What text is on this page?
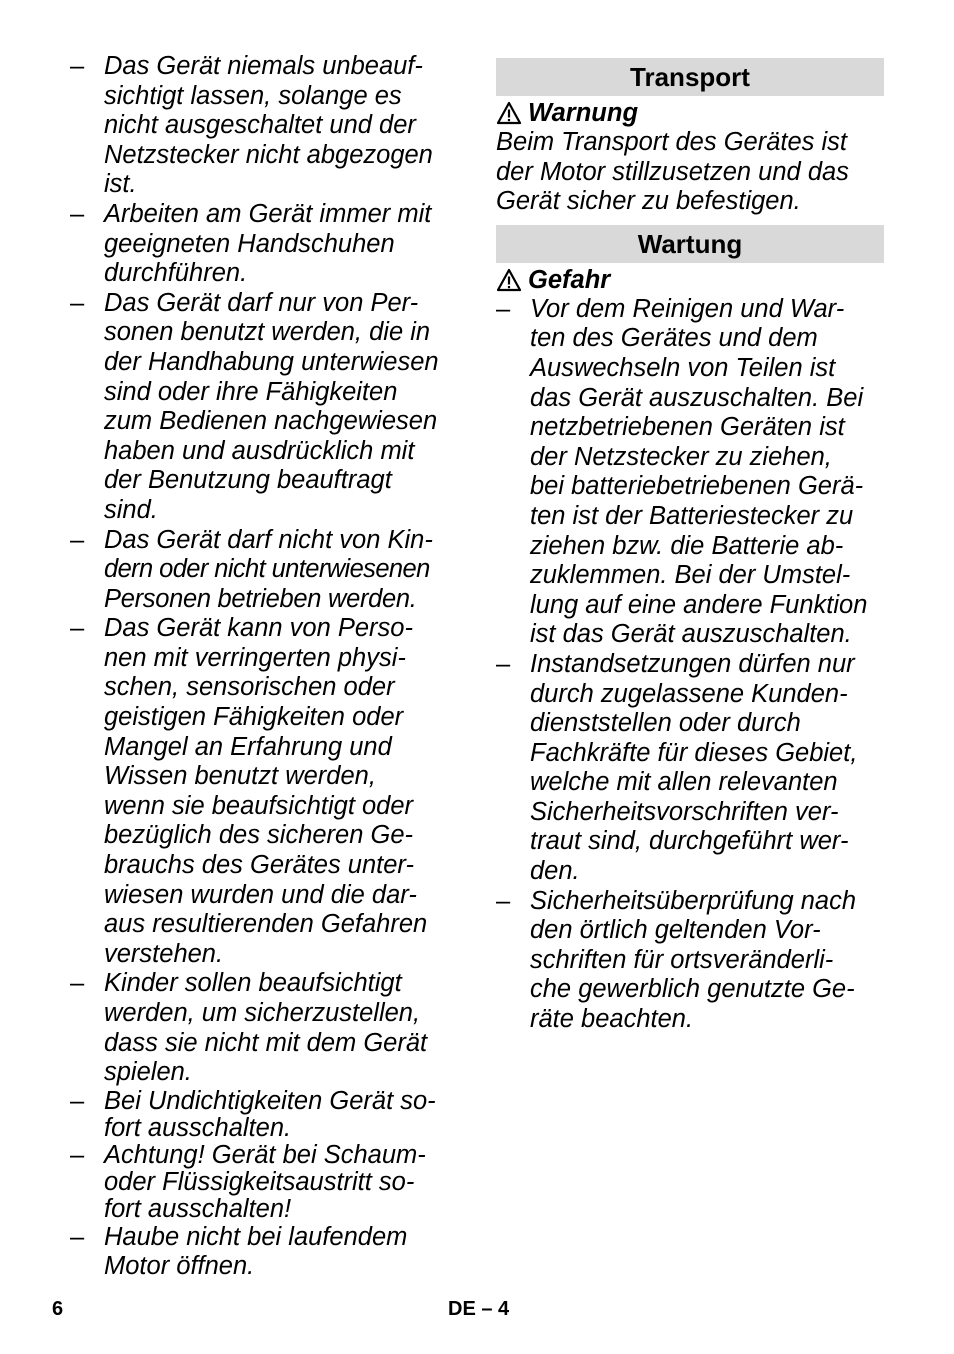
– Das Gerät niemals unbeauf-
sichtigt lassen, solange es
nicht ausgeschaltet und der
Netzstecker nicht abgezogen
ist.
– Arbeiten am Gerät immer mit
geeigneten Handschuhen
durchführen.
– Das Gerät darf nur von Per-
sonen benutzt werden, die in
der Handhabung unterwiesen
sind oder ihre Fähigkeiten
zum Bedienen nachgewiesen
haben und ausdrücklich mit
der Benutzung beauftragt
sind.
– Das Gerät darf nicht von Kin-
dern oder nicht unterwiesenen
Personen betrieben werden.
– Das Gerät kann von Perso-
nen mit verringerten physi-
schen, sensorischen oder
geistigen Fähigkeiten oder
Mangel an Erfahrung und
Wissen benutzt werden,
wenn sie beaufsichtigt oder
bezüglich des sicheren Ge-
brauchs des Gerätes unter-
wiesen wurden und die dar-
aus resultierenden Gefahren
verstehen.
– Kinder sollen beaufsichtigt
werden, um sicherzustellen,
dass sie nicht mit dem Gerät
spielen.
– Bei Undichtigkeiten Gerät so-
fort ausschalten.
– Achtung! Gerät bei Schaum-
oder Flüssigkeitsaustritt so-
fort ausschalten!
– Haube nicht bei laufendem
Motor öffnen.
Transport
Warnung
Beim Transport des Gerätes ist
der Motor stillzusetzen und das
Gerät sicher zu befestigen.
Wartung
Gefahr
– Vor dem Reinigen und War-
ten des Gerätes und dem
Auswechseln von Teilen ist
das Gerät auszuschalten. Bei
netzbetriebenen Geräten ist
der Netzstecker zu ziehen,
bei batteriebetriebenen Gerä-
ten ist der Batteriestecker zu
ziehen bzw. die Batterie ab-
zuklemmen. Bei der Umstel-
lung auf eine andere Funktion
ist das Gerät auszuschalten.
– Instandsetzungen dürfen nur
durch zugelassene Kunden-
dienststellen oder durch
Fachkräfte für dieses Gebiet,
welche mit allen relevanten
Sicherheitsvorschriften ver-
traut sind, durchgeführt wer-
den.
– Sicherheitsüberprüfung nach
den örtlich geltenden Vor-
schriften für ortsveränderli-
che gewerblich genutzte Ge-
räte beachten.
6	DE – 4
